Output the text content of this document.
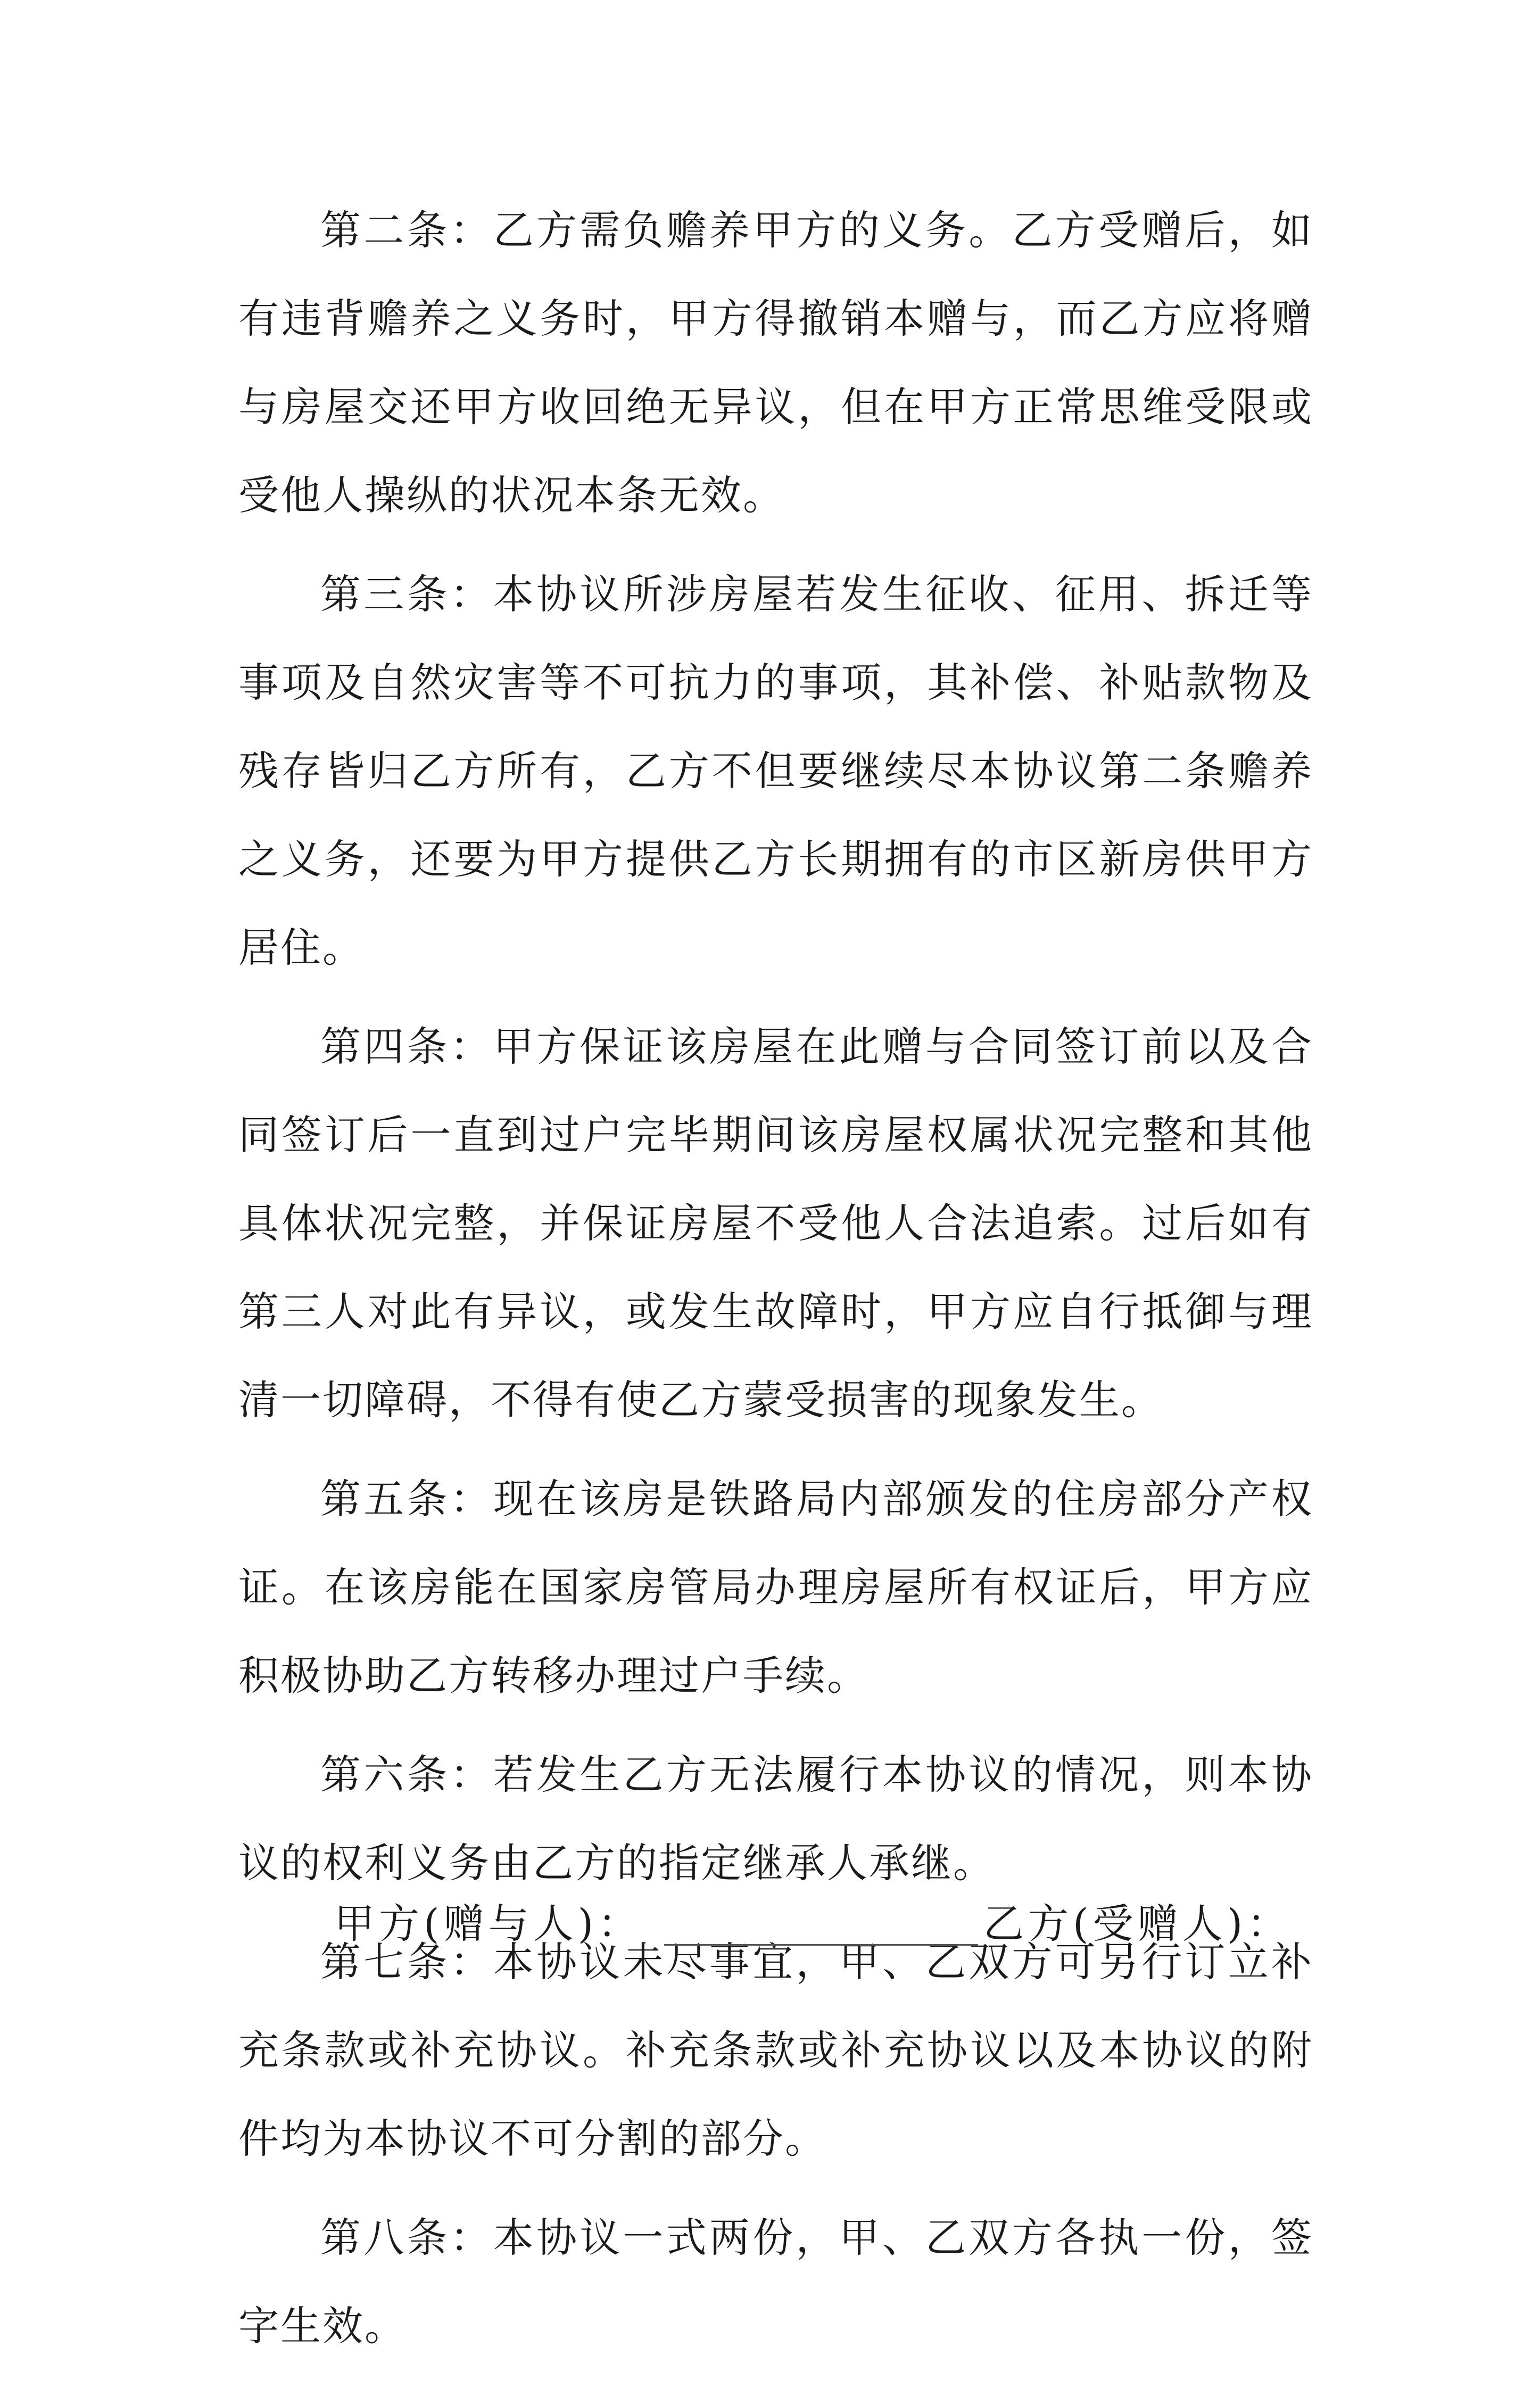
第二条：乙方需负赡养甲方的义务。乙方受赠后，如有违背赡养之义务时，甲方得撤销本赠与，而乙方应将赠与房屋交还甲方收回绝无异议，但在甲方正常思维受限或受他人操纵的状况本条无效。

第三条：本协议所涉房屋若发生征收、征用、拆迁等事项及自然灾害等不可抗力的事项，其补偿、补贴款物及残存皆归乙方所有，乙方不但要继续尽本协议第二条赡养之义务，还要为甲方提供乙方长期拥有的市区新房供甲方居住。

第四条：甲方保证该房屋在此赠与合同签订前以及合同签订后一直到过户完毕期间该房屋权属状况完整和其他具体状况完整，并保证房屋不受他人合法追索。过后如有第三人对此有异议，或发生故障时，甲方应自行抵御与理清一切障碍，不得有使乙方蒙受损害的现象发生。

第五条：现在该房是铁路局内部颁发的住房部分产权证。在该房能在国家房管局办理房屋所有权证后，甲方应积极协助乙方转移办理过户手续。

第六条：若发生乙方无法履行本协议的情况，则本协议的权利义务由乙方的指定继承人承继。

第七条：本协议未尽事宜，甲、乙双方可另行订立补充条款或补充协议。补充条款或补充协议以及本协议的附件均为本协议不可分割的部分。

第八条：本协议一式两份，甲、乙双方各执一份，签字生效。

甲方(赠与人)：	乙方(受赠人)：
